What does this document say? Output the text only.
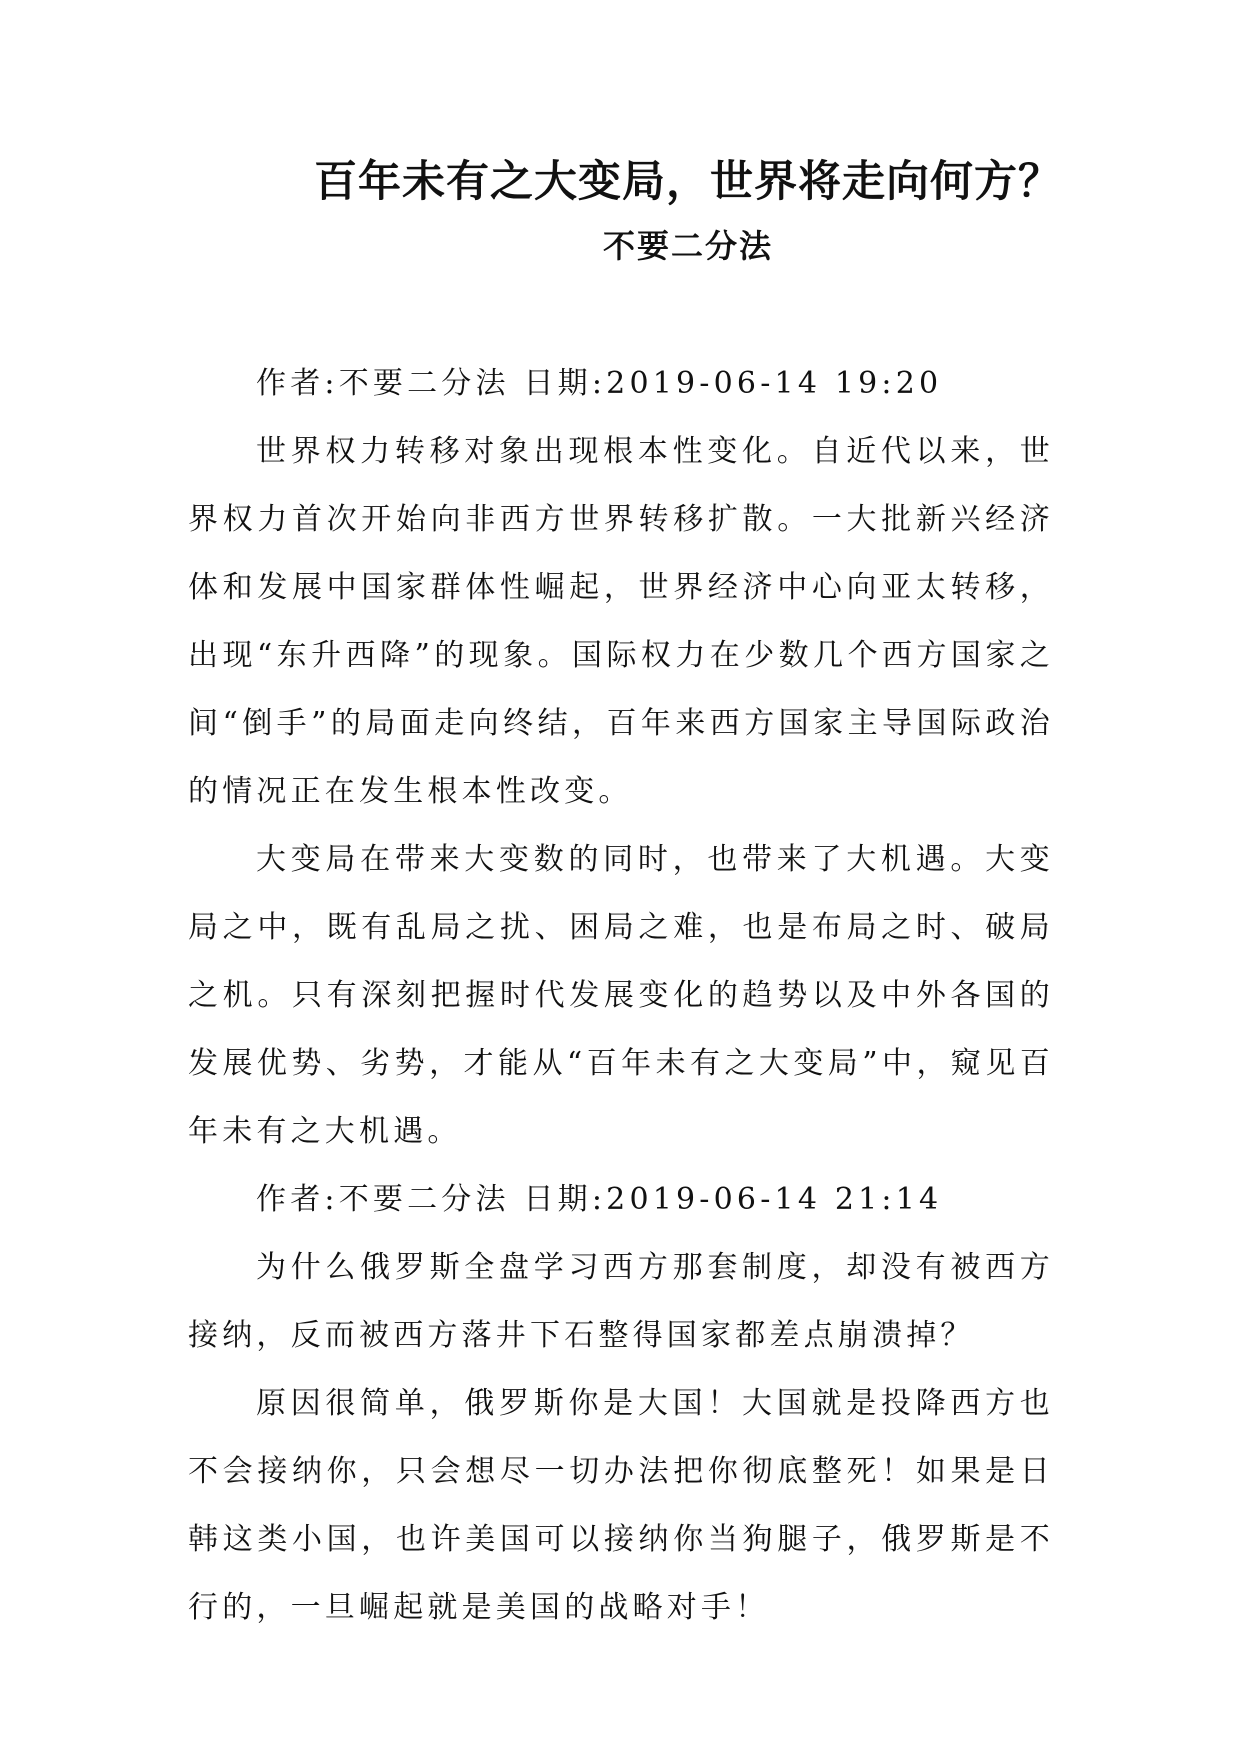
百年未有之大变局，世界将走向何方？
不要二分法

作者:不要二分法 日期:2019-06-14 19:20

世界权力转移对象出现根本性变化。自近代以来，世界权力首次开始向非西方世界转移扩散。一大批新兴经济体和发展中国家群体性崛起，世界经济中心向亚太转移，出现“东升西降”的现象。国际权力在少数几个西方国家之间“倒手”的局面走向终结，百年来西方国家主导国际政治的情况正在发生根本性改变。

大变局在带来大变数的同时，也带来了大机遇。大变局之中，既有乱局之扰、困局之难，也是布局之时、破局之机。只有深刻把握时代发展变化的趋势以及中外各国的发展优势、劣势，才能从“百年未有之大变局”中，窥见百年未有之大机遇。

作者:不要二分法 日期:2019-06-14 21:14

为什么俄罗斯全盘学习西方那套制度，却没有被西方接纳，反而被西方落井下石整得国家都差点崩溃掉？

原因很简单，俄罗斯你是大国！大国就是投降西方也不会接纳你，只会想尽一切办法把你彻底整死！如果是日韩这类小国，也许美国可以接纳你当狗腿子，俄罗斯是不行的，一旦崛起就是美国的战略对手！
